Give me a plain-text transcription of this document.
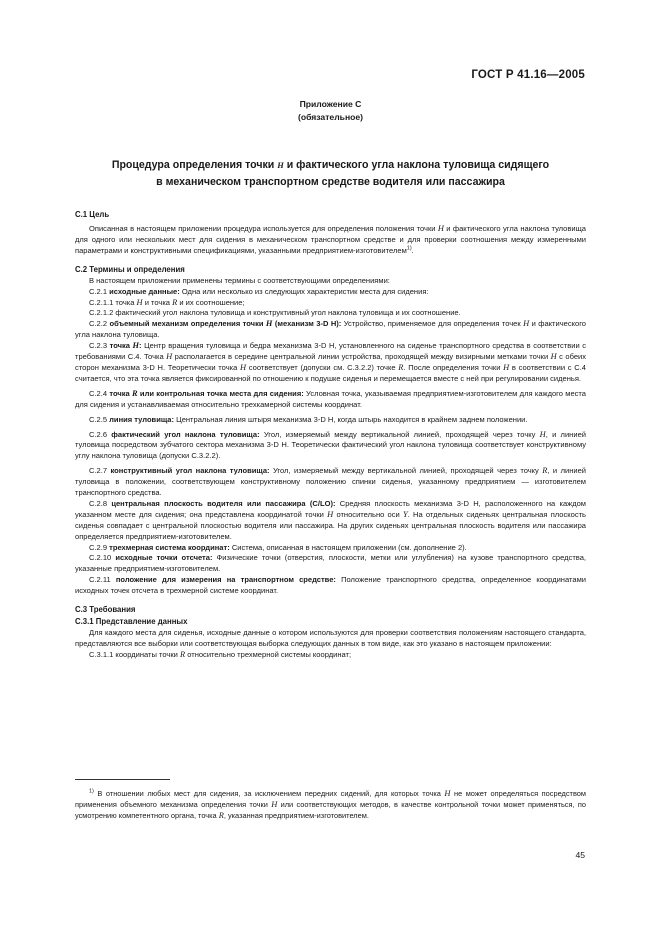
ГОСТ Р 41.16—2005
Приложение С
(обязательное)
Процедура определения точки H и фактического угла наклона туловища сидящего
в механическом транспортном средстве водителя или пассажира
С.1 Цель

Описанная в настоящем приложении процедура используется для определения положения точки H и фактического угла наклона туловища для одного или нескольких мест для сидения в механическом транспортном средстве и для проверки соотношения между измеренными параметрами и конструктивными спецификациями, указанными предприятием-изготовителем$^{1)}$.

С.2 Термины и определения

В настоящем приложении применены термины с соответствующими определениями:

С.2.1 исходные данные: Одна или несколько из следующих характеристик места для сидения:

С.2.1.1 точка H и точка R и их соотношение;

С.2.1.2 фактический угол наклона туловища и конструктивный угол наклона туловища и их соотношение.

С.2.2 объемный механизм определения точки H (механизм 3-D H): Устройство, применяемое для определения точек H и фактического угла наклона туловища.

С.2.3 точка H: Центр вращения туловища и бедра механизма 3-D H, установленного на сиденье транспортного средства в соответствии с требованиями С.4. Точка H располагается в середине центральной линии устройства, проходящей между визирными метками точки H с обеих сторон механизма 3-D H. Теоретически точка H соответствует (допуски см. С.3.2.2) точке R. После определения точки H в соответствии с С.4 считается, что эта точка является фиксированной по отношению к подушке сиденья и перемещается вместе с ней при регулировании сиденья.

С.2.4 точка R или контрольная точка места для сидения: Условная точка, указываемая предприятием-изготовителем для каждого места для сидения и устанавливаемая относительно трехкамерной системы координат.

С.2.5 линия туловища: Центральная линия штыря механизма 3-D H, когда штырь находится в крайнем заднем положении.

С.2.6 фактический угол наклона туловища: Угол, измеряемый между вертикальной линией, проходящей через точку H, и линией туловища посредством зубчатого сектора механизма 3-D H. Теоретически фактический угол наклона туловища соответствует конструктивному углу наклона туловища (допуски С.3.2.2).

С.2.7 конструктивный угол наклона туловища: Угол, измеряемый между вертикальной линией, проходящей через точку R, и линией туловища в положении, соответствующем конструктивному положению спинки сиденья, указанному предприятием — изготовителем транспортного средства.

С.2.8 центральная плоскость водителя или пассажира (C/LO): Средняя плоскость механизма 3-D H, расположенного на каждом указанном месте для сидения; она представлена координатой точки H относительно оси Y. На отдельных сиденьях центральная плоскость сиденья совпадает с центральной плоскостью водителя или пассажира. На других сиденьях центральная плоскость водителя или пассажира определяется предприятием-изготовителем.

С.2.9 трехмерная система координат: Система, описанная в настоящем приложении (см. дополнение 2).

С.2.10 исходные точки отсчета: Физические точки (отверстия, плоскости, метки или углубления) на кузове транспортного средства, указанные предприятием-изготовителем.

С.2.11 положение для измерения на транспортном средстве: Положение транспортного средства, определенное координатами исходных точек отсчета в трехмерной системе координат.

С.3 Требования
С.3.1 Представление данных

Для каждого места для сиденья, исходные данные о котором используются для проверки соответствия положениям настоящего стандарта, представляются все выборки или соответствующая выборка следующих данных в том виде, как это указано в настоящем приложении:

С.3.1.1 координаты точки R относительно трехмерной системы координат;

$^{1)}$ В отношении любых мест для сидения, за исключением передних сидений, для которых точка H не может определяться посредством применения объемного механизма определения точки H или соответствующих методов, в качестве контрольной точки может применяться, по усмотрению компетентного органа, точка R, указанная предприятием-изготовителем.
45
